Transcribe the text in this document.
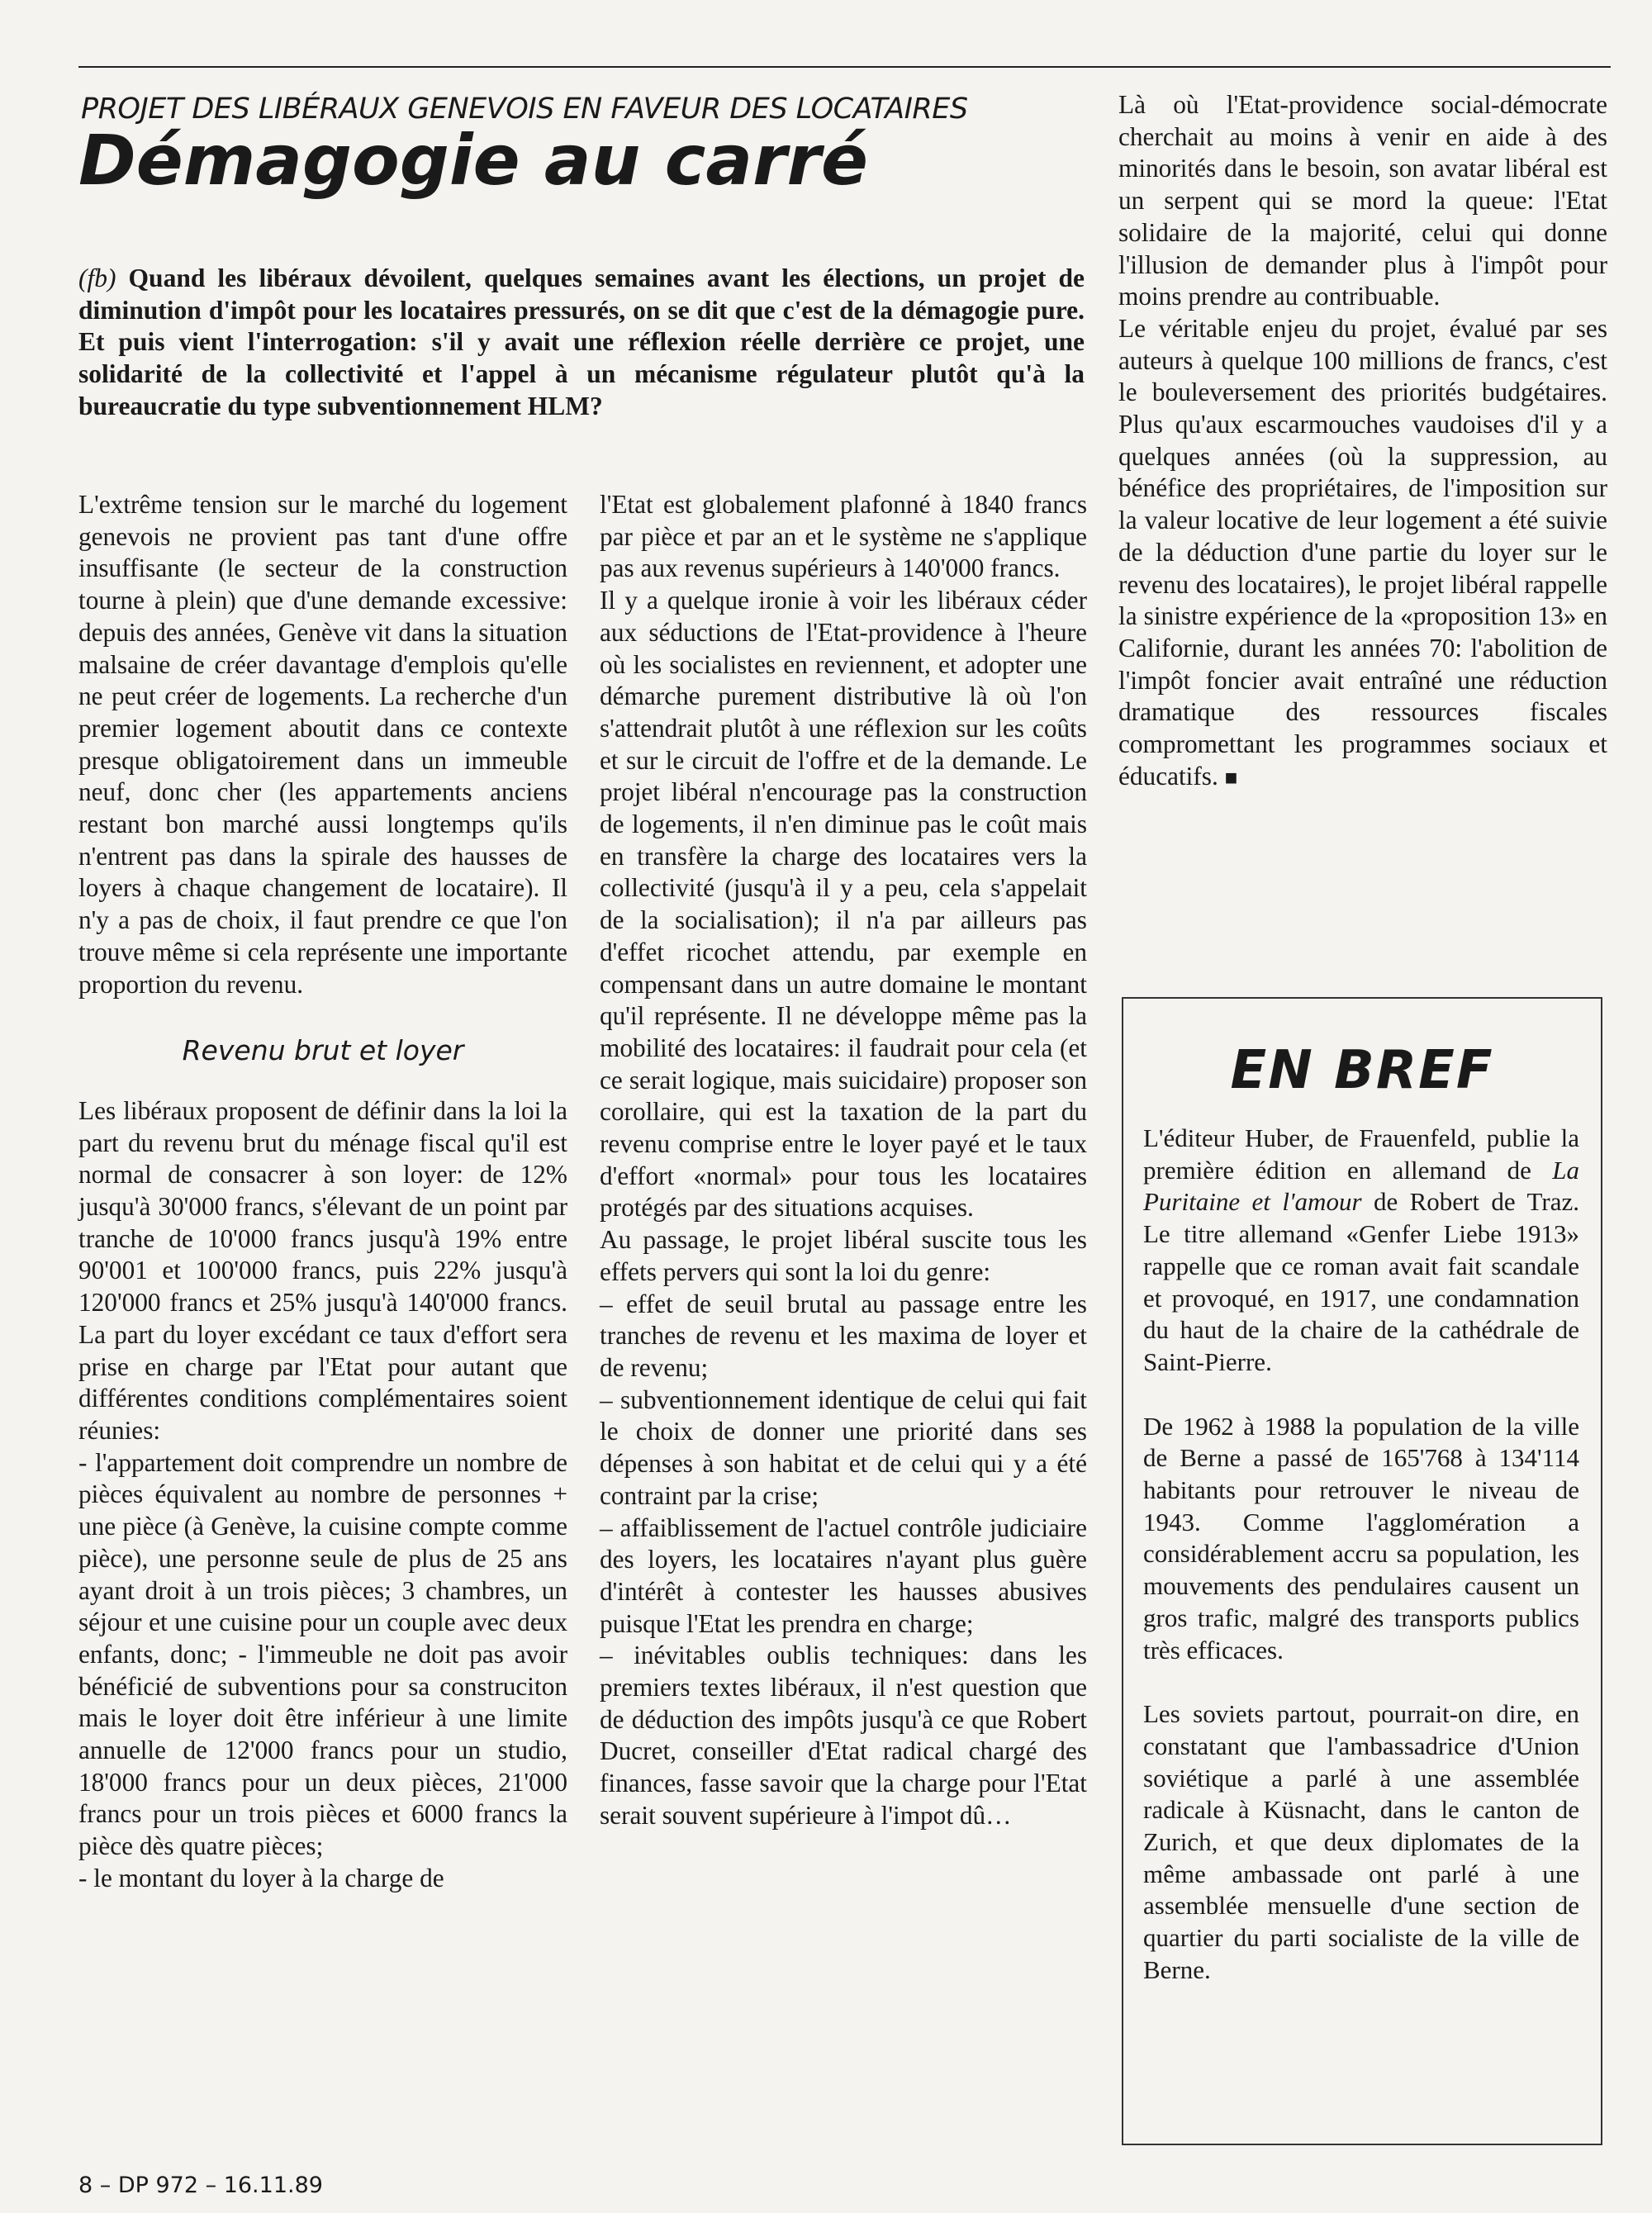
PROJET DES LIBÉRAUX GENEVOIS EN FAVEUR DES LOCATAIRES
Démagogie au carré

(fb) Quand les libéraux dévoilent, quelques semaines avant les élections, un projet de diminution d'impôt pour les locataires pressurés, on se dit que c'est de la démagogie pure. Et puis vient l'interrogation: s'il y avait une réflexion réelle derrière ce projet, une solidarité de la collectivité et l'appel à un mécanisme régulateur plutôt qu'à la bureaucratie du type subventionnement HLM?

L'extrême tension sur le marché du logement genevois ne provient pas tant d'une offre insuffisante (le secteur de la construction tourne à plein) que d'une demande excessive: depuis des années, Genève vit dans la situation malsaine de créer davantage d'emplois qu'elle ne peut créer de logements. La recherche d'un premier logement aboutit dans ce contexte presque obligatoirement dans un immeuble neuf, donc cher (les appartements anciens restant bon marché aussi longtemps qu'ils n'entrent pas dans la spirale des hausses de loyers à chaque changement de locataire). Il n'y a pas de choix, il faut prendre ce que l'on trouve même si cela représente une importante proportion du revenu.

Revenu brut et loyer

Les libéraux proposent de définir dans la loi la part du revenu brut du ménage fiscal qu'il est normal de consacrer à son loyer: de 12% jusqu'à 30'000 francs, s'élevant de un point par tranche de 10'000 francs jusqu'à 19% entre 90'001 et 100'000 francs, puis 22% jusqu'à 120'000 francs et 25% jusqu'à 140'000 francs. La part du loyer excédant ce taux d'effort sera prise en charge par l'Etat pour autant que différentes conditions complémentaires soient réunies:

- l'appartement doit comprendre un nombre de pièces équivalent au nombre de personnes + une pièce (à Genève, la cuisine compte comme pièce), une personne seule de plus de 25 ans ayant droit à un trois pièces; 3 chambres, un séjour et une cuisine pour un couple avec deux enfants, donc; - l'immeuble ne doit pas avoir bénéficié de subventions pour sa construciton mais le loyer doit être inférieur à une limite annuelle de 12'000 francs pour un studio, 18'000 francs pour un deux pièces, 21'000 francs pour un trois pièces et 6000 francs la pièce dès quatre pièces;

- le montant du loyer à la charge de

l'Etat est globalement plafonné à 1840 francs par pièce et par an et le système ne s'applique pas aux revenus supérieurs à 140'000 francs.

Il y a quelque ironie à voir les libéraux céder aux séductions de l'Etat-providence à l'heure où les socialistes en reviennent, et adopter une démarche purement distributive là où l'on s'attendrait plutôt à une réflexion sur les coûts et sur le circuit de l'offre et de la demande. Le projet libéral n'encourage pas la construction de logements, il n'en diminue pas le coût mais en transfère la charge des locataires vers la collectivité (jusqu'à il y a peu, cela s'appelait de la socialisation); il n'a par ailleurs pas d'effet ricochet attendu, par exemple en compensant dans un autre domaine le montant qu'il représente. Il ne développe même pas la mobilité des locataires: il faudrait pour cela (et ce serait logique, mais suicidaire) proposer son corollaire, qui est la taxation de la part du revenu comprise entre le loyer payé et le taux d'effort «normal» pour tous les locataires protégés par des situations acquises.

Au passage, le projet libéral suscite tous les effets pervers qui sont la loi du genre:

– effet de seuil brutal au passage entre les tranches de revenu et les maxima de loyer et de revenu;

– subventionnement identique de celui qui fait le choix de donner une priorité dans ses dépenses à son habitat et de celui qui y a été contraint par la crise;

– affaiblissement de l'actuel contrôle judiciaire des loyers, les locataires n'ayant plus guère d'intérêt à contester les hausses abusives puisque l'Etat les prendra en charge;

– inévitables oublis techniques: dans les premiers textes libéraux, il n'est question que de déduction des impôts jusqu'à ce que Robert Ducret, conseiller d'Etat radical chargé des finances, fasse savoir que la charge pour l'Etat serait souvent supérieure à l'impot dû…

Là où l'Etat-providence social-démocrate cherchait au moins à venir en aide à des minorités dans le besoin, son avatar libéral est un serpent qui se mord la queue: l'Etat solidaire de la majorité, celui qui donne l'illusion de demander plus à l'impôt pour moins prendre au contribuable.

Le véritable enjeu du projet, évalué par ses auteurs à quelque 100 millions de francs, c'est le bouleversement des priorités budgétaires. Plus qu'aux escarmouches vaudoises d'il y a quelques années (où la suppression, au bénéfice des propriétaires, de l'imposition sur la valeur locative de leur logement a été suivie de la déduction d'une partie du loyer sur le revenu des locataires), le projet libéral rappelle la sinistre expérience de la «proposition 13» en Californie, durant les années 70: l'abolition de l'impôt foncier avait entraîné une réduction dramatique des ressources fiscales compromettant les programmes sociaux et éducatifs. ■

EN BREF

L'éditeur Huber, de Frauenfeld, publie la première édition en allemand de La Puritaine et l'amour de Robert de Traz. Le titre allemand «Genfer Liebe 1913» rappelle que ce roman avait fait scandale et provoqué, en 1917, une condamnation du haut de la chaire de la cathédrale de Saint-Pierre.

De 1962 à 1988 la population de la ville de Berne a passé de 165'768 à 134'114 habitants pour retrouver le niveau de 1943. Comme l'agglomération a considérablement accru sa population, les mouvements des pendulaires causent un gros trafic, malgré des transports publics très efficaces.

Les soviets partout, pourrait-on dire, en constatant que l'ambassadrice d'Union soviétique a parlé à une assemblée radicale à Küsnacht, dans le canton de Zurich, et que deux diplomates de la même ambassade ont parlé à une assemblée mensuelle d'une section de quartier du parti socialiste de la ville de Berne.

8 – DP 972 – 16.11.89
